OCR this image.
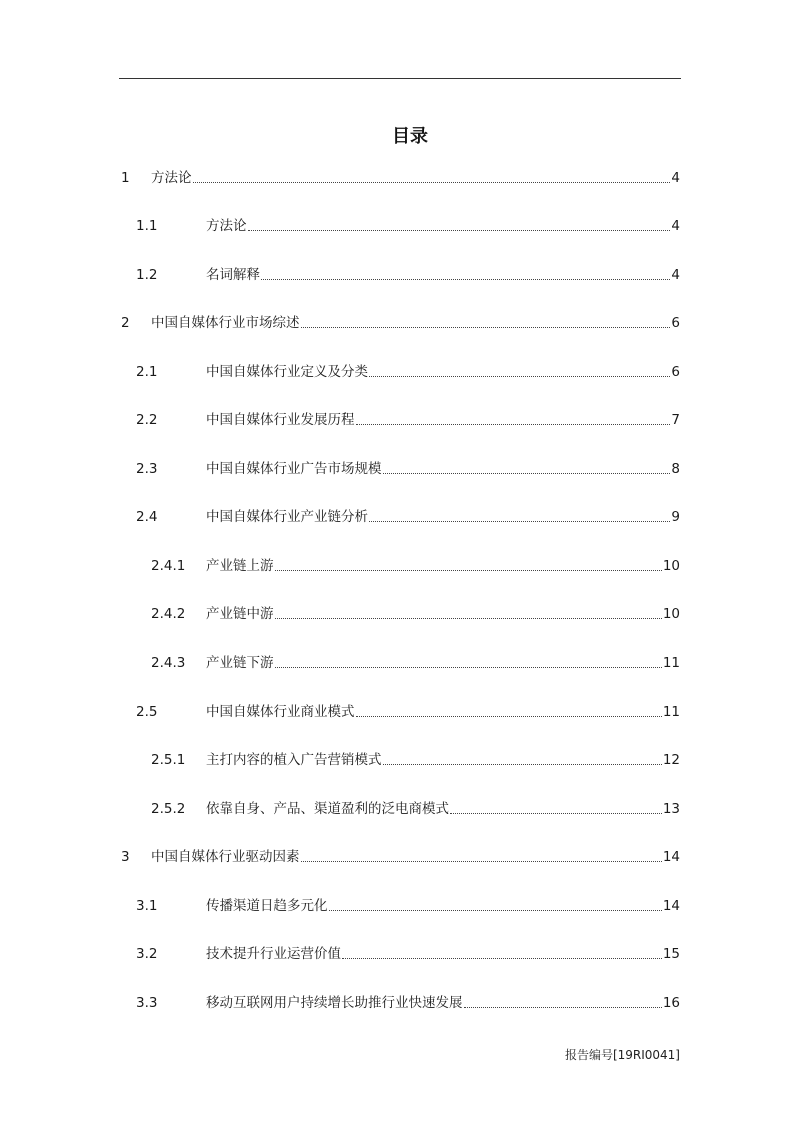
目录
1	方法论	4
1.1	方法论	4
1.2	名词解释	4
2	中国自媒体行业市场综述	6
2.1	中国自媒体行业定义及分类	6
2.2	中国自媒体行业发展历程	7
2.3	中国自媒体行业广告市场规模	8
2.4	中国自媒体行业产业链分析	9
2.4.1	产业链上游	10
2.4.2	产业链中游	10
2.4.3	产业链下游	11
2.5	中国自媒体行业商业模式	11
2.5.1	主打内容的植入广告营销模式	12
2.5.2	依靠自身、产品、渠道盈利的泛电商模式	13
3	中国自媒体行业驱动因素	14
3.1	传播渠道日趋多元化	14
3.2	技术提升行业运营价值	15
3.3	移动互联网用户持续增长助推行业快速发展	16
报告编号[19RI0041]
